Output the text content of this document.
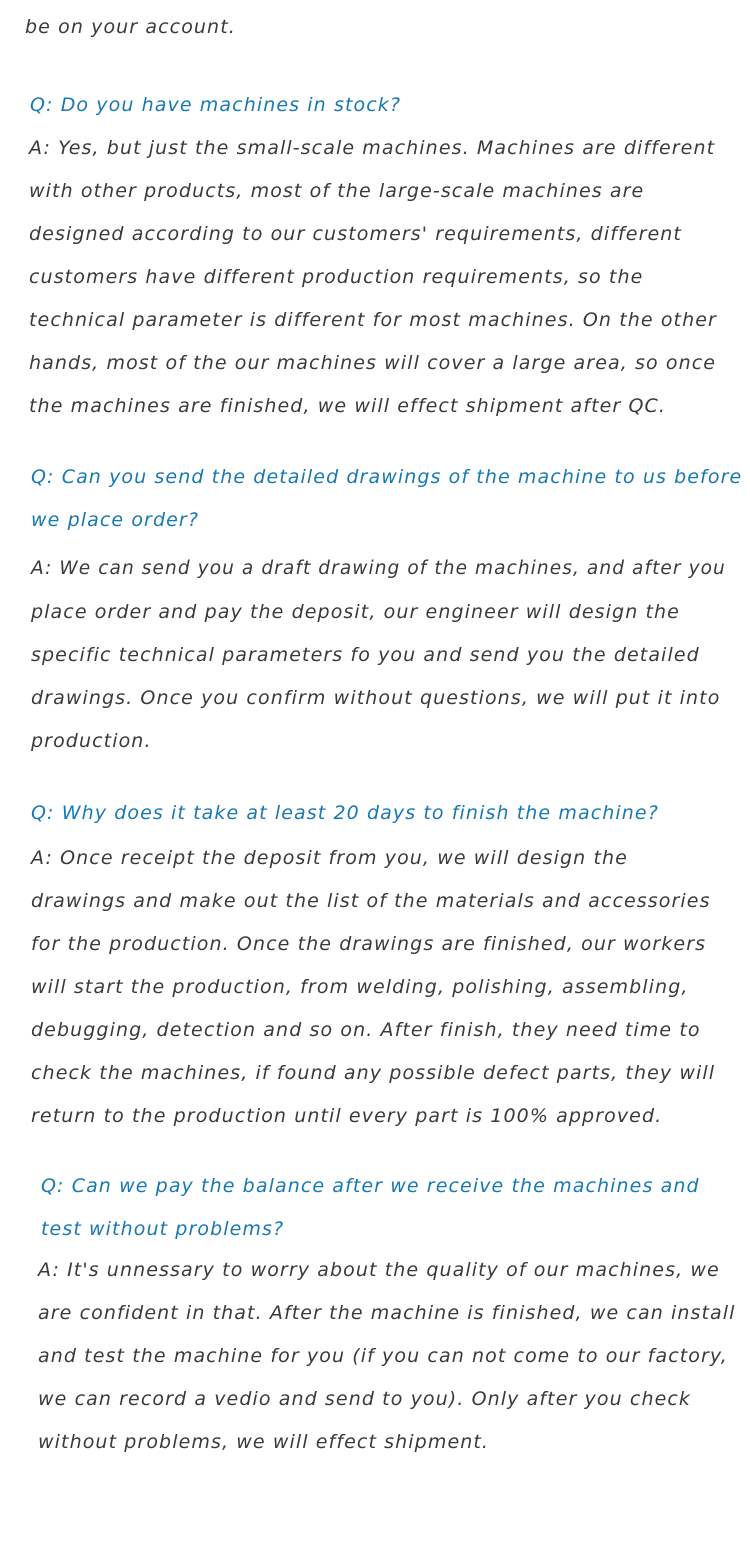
be on your account.
Q: Do you have machines in stock?
A: Yes, but just the small-scale machines. Machines are different
with other products, most of the large-scale machines are
designed according to our customers' requirements, different
customers have different production requirements, so the
technical parameter is different for most machines. On the other
hands, most of the our machines will cover a large area, so once
the machines are finished, we will effect shipment after QC.
Q: Can you send the detailed drawings of the machine to us before
we place order?
A: We can send you a draft drawing of the machines, and after you
place order and pay the deposit, our engineer will design the
specific technical parameters fo you and send you the detailed
drawings. Once you confirm without questions, we will put it into
production.
Q: Why does it take at least 20 days to finish the machine?
A: Once receipt the deposit from you, we will design the
drawings and make out the list of the materials and accessories
for the production. Once the drawings are finished, our workers
will start the production, from welding, polishing, assembling,
debugging, detection and so on. After finish, they need time to
check the machines, if found any possible defect parts, they will
return to the production until every part is 100% approved.
Q: Can we pay the balance after we receive the machines and
test without problems?
A: It's unnessary to worry about the quality of our machines, we
are confident in that. After the machine is finished, we can install
and test the machine for you (if you can not come to our factory,
we can record a vedio and send to you). Only after you check
without problems, we will effect shipment.
